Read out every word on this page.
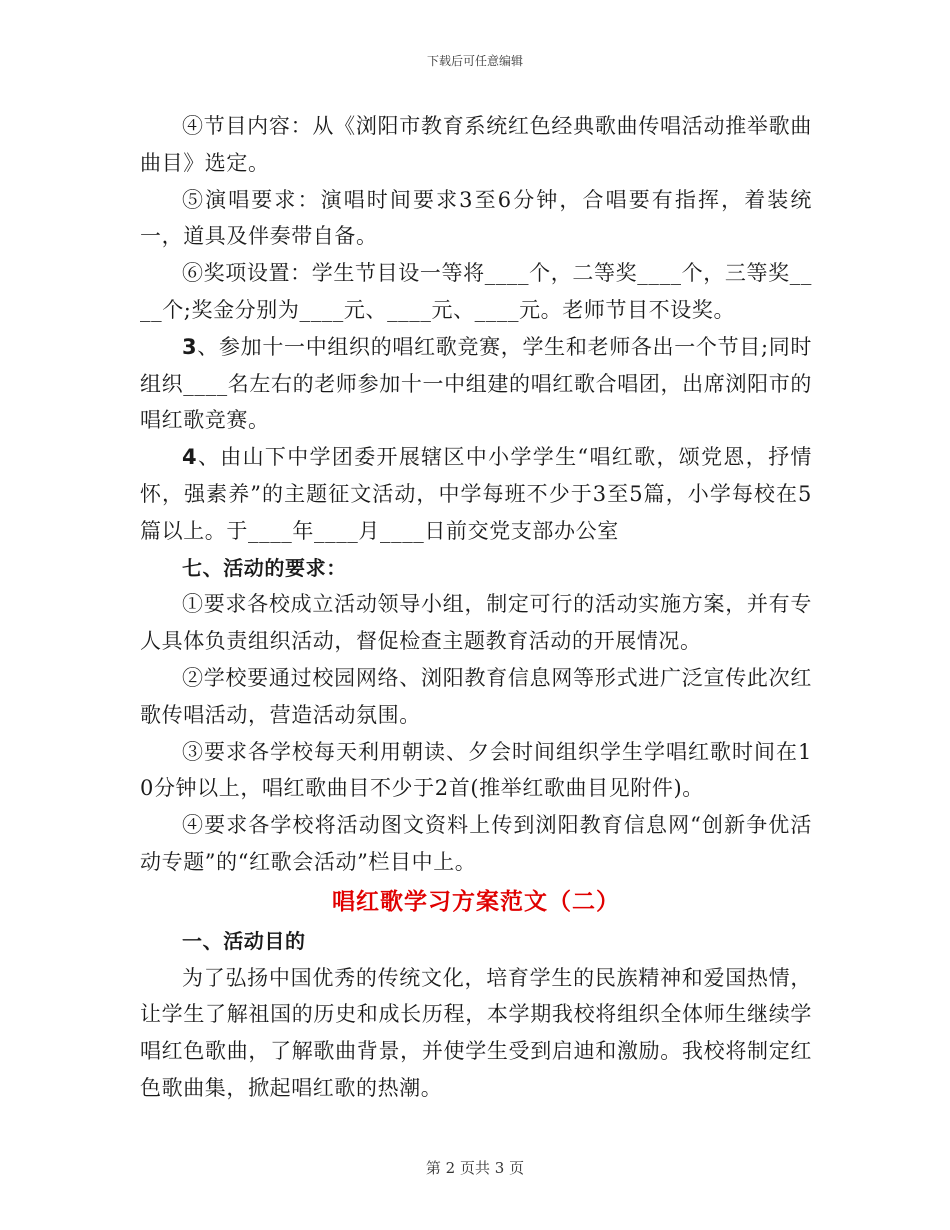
下载后可任意编辑

④节目内容：从《浏阳市教育系统红色经典歌曲传唱活动推举歌曲曲目》选定。

⑤演唱要求：演唱时间要求3至6分钟，合唱要有指挥，着装统一，道具及伴奏带自备。

⑥奖项设置：学生节目设一等将____个，二等奖____个，三等奖____个;奖金分别为____元、____元、____元。老师节目不设奖。

3、参加十一中组织的唱红歌竞赛，学生和老师各出一个节目;同时组织____名左右的老师参加十一中组建的唱红歌合唱团，出席浏阳市的唱红歌竞赛。

4、由山下中学团委开展辖区中小学学生“唱红歌，颂党恩，抒情怀，强素养”的主题征文活动，中学每班不少于3至5篇，小学每校在5篇以上。于____年____月____日前交党支部办公室

七、活动的要求：

①要求各校成立活动领导小组，制定可行的活动实施方案，并有专人具体负责组织活动，督促检查主题教育活动的开展情况。

②学校要通过校园网络、浏阳教育信息网等形式进广泛宣传此次红歌传唱活动，营造活动氛围。

③要求各学校每天利用朝读、夕会时间组织学生学唱红歌时间在10分钟以上，唱红歌曲目不少于2首(推举红歌曲目见附件)。

④要求各学校将活动图文资料上传到浏阳教育信息网“创新争优活动专题”的“红歌会活动”栏目中上。

唱红歌学习方案范文（二）

一、活动目的

为了弘扬中国优秀的传统文化，培育学生的民族精神和爱国热情，让学生了解祖国的历史和成长历程，本学期我校将组织全体师生继续学唱红色歌曲，了解歌曲背景，并使学生受到启迪和激励。我校将制定红色歌曲集，掀起唱红歌的热潮。

第 2 页共 3 页
